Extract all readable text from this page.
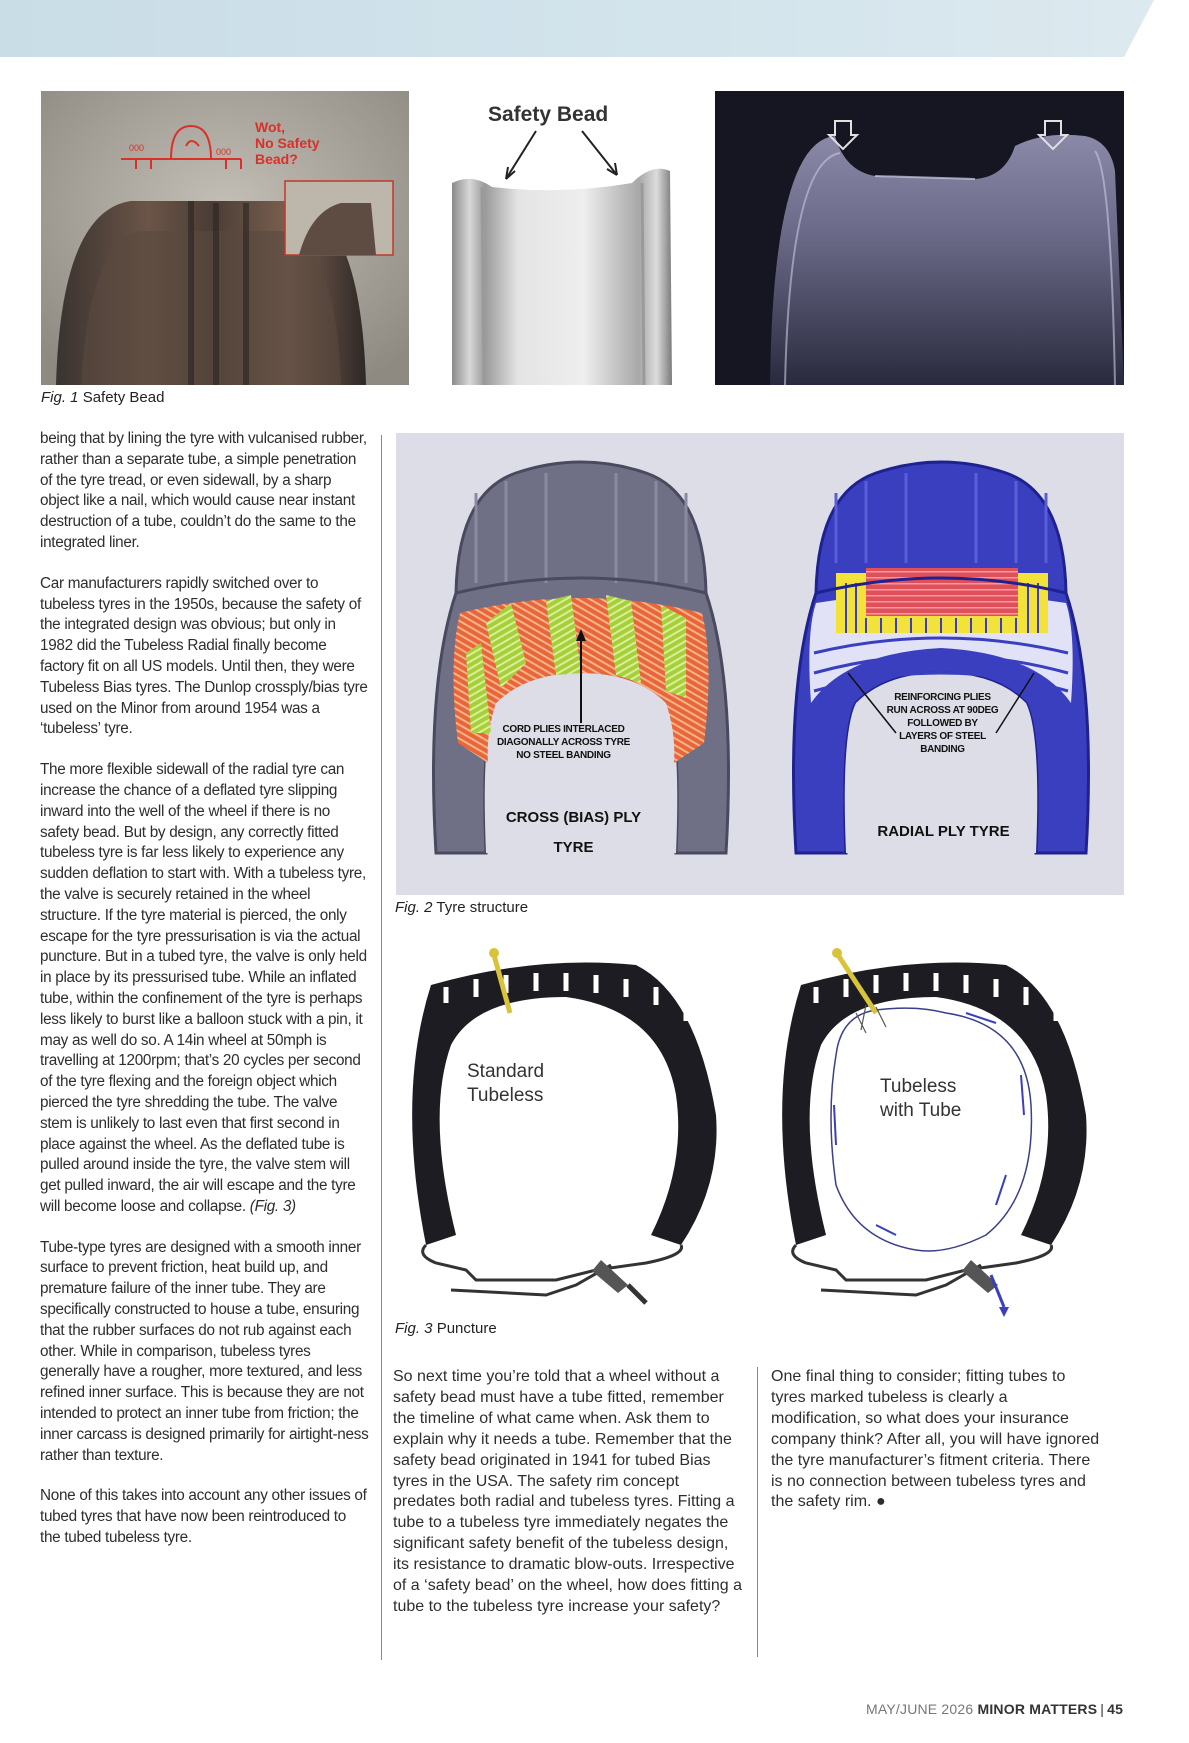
000	000
Wot,
No Safety
Bead?
Safety Bead
Fig. 1 Safety Bead

being that by lining the tyre with vulcanised rubber, rather than a separate tube, a simple penetration of the tyre tread, or even sidewall, by a sharp object like a nail, which would cause near instant destruction of a tube, couldn’t do the same to the integrated liner.

Car manufacturers rapidly switched over to tubeless tyres in the 1950s, because the safety of the integrated design was obvious; but only in 1982 did the Tubeless Radial finally become factory fit on all US models. Until then, they were Tubeless Bias tyres. The Dunlop crossply/bias tyre used on the Minor from around 1954 was a ‘tubeless’ tyre.

The more flexible sidewall of the radial tyre can increase the chance of a deflated tyre slipping inward into the well of the wheel if there is no safety bead. But by design, any correctly fitted tubeless tyre is far less likely to experience any sudden deflation to start with. With a tubeless tyre, the valve is securely retained in the wheel structure. If the tyre material is pierced, the only escape for the tyre pressurisation is via the actual puncture. But in a tubed tyre, the valve is only held in place by its pressurised tube. While an inflated tube, within the confinement of the tyre is perhaps less likely to burst like a balloon stuck with a pin, it may as well do so. A 14in wheel at 50mph is travelling at 1200rpm; that’s 20 cycles per second of the tyre flexing and the foreign object which pierced the tyre shredding the tube. The valve stem is unlikely to last even that first second in place against the wheel. As the deflated tube is pulled around inside the tyre, the valve stem will get pulled inward, the air will escape and the tyre will become loose and collapse. (Fig. 3)

Tube-type tyres are designed with a smooth inner surface to prevent friction, heat build up, and premature failure of the inner tube. They are specifically constructed to house a tube, ensuring that the rubber surfaces do not rub against each other. While in comparison, tubeless tyres generally have a rougher, more textured, and less refined inner surface. This is because they are not intended to protect an inner tube from friction; the inner carcass is designed primarily for airtight-ness rather than texture.

None of this takes into account any other issues of tubed tyres that have now been reintroduced to the tubed tubeless tyre.

CORD PLIES INTERLACED
DIAGONALLY ACROSS TYRE
NO STEEL BANDING
CROSS (BIAS) PLY
TYRE
REINFORCING PLIES
RUN ACROSS AT 90DEG
FOLLOWED BY
LAYERS OF STEEL BANDING
RADIAL PLY TYRE
Fig. 2 Tyre structure
Standard
Tubeless	Tubeless
with Tube
Fig. 3 Puncture

So next time you’re told that a wheel without a safety bead must have a tube fitted, remember the timeline of what came when. Ask them to explain why it needs a tube. Remember that the safety bead originated in 1941 for tubed Bias tyres in the USA. The safety rim concept predates both radial and tubeless tyres. Fitting a tube to a tubeless tyre immediately negates the significant safety benefit of the tubeless design, its resistance to dramatic blow-outs. Irrespective of a ‘safety bead’ on the wheel, how does fitting a tube to the tubeless tyre increase your safety?

One final thing to consider; fitting tubes to tyres marked tubeless is clearly a modification, so what does your insurance company think? After all, you will have ignored the tyre manufacturer’s fitment criteria. There is no connection between tubeless tyres and the safety rim. ●

MAY/JUNE 2026 MINOR MATTERS | 45
